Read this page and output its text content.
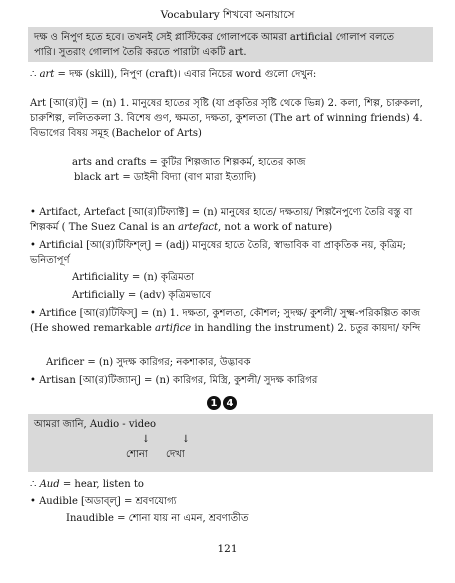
Vocabulary শিখবো অনায়াসে
দক্ষ ও নিপুণ হতে হবে। তখনই সেই প্লাস্টিকের গোলাপকে আমরা artificial গোলাপ বলতে
পারি। সুতরাং গোলাপ তৈরি করতে পারাটা একটি art.
∴ art = দক্ষ (skill), নিপুণ (craft)। এবার নিচের word গুলো দেখুন:
Art [আ(র)ট্] = (n) 1. মানুষের হাতের সৃষ্টি (যা প্রকৃতির সৃষ্টি থেকে ভিন্ন) 2. কলা, শিল্প, চারুকলা, চারুশিল্প, ললিতকলা 3. বিশেষ গুণ, ক্ষমতা, দক্ষতা, কুশলতা (The art of winning friends) 4. বিভাগের বিষয় সমূহ (Bachelor of Arts)
arts and crafts = কুটির শিল্পজাত শিল্পকর্ম, হাতের কাজ
black art = ডাইনী বিদ্যা (বাণ মারা ইত্যাদি)
• Artifact, Artefact [আ(র)টিফ্যাক্ট] = (n) মানুষের হাতে/ দক্ষতায়/ শিল্পনৈপুণ্যে তৈরি বস্তু বা শিল্পকর্ম ( The Suez Canal is an artefact, not a work of nature)
• Artificial [আ(র)টিফিশ্ল্] = (adj) মানুষের হাতে তৈরি, স্বাভাবিক বা প্রাকৃতিক নয়, কৃত্রিম; ভনিতাপূর্ণ
Artificiality = (n) কৃত্রিমতা
Artificially = (adv) কৃত্রিমভাবে
• Artifice [আ(র)টিফিস্] = (n) 1. দক্ষতা, কুশলতা, কৌশল; সুদক্ষ/ কুশলী/ সুক্ষ্ম-পরিকল্পিত কাজ (He showed remarkable artifice in handling the instrument) 2. চতুর কায়দা/ ফন্দি
Arificer = (n) সুদক্ষ কারিগর; নকশাকার, উদ্ভাবক
• Artisan [আ(র)টিজ্যান্] = (n) কারিগর, মিস্ত্রি, কুশলী/ সুদক্ষ কারিগর
1 4
আমরা জানি, Audio - video
↓	↓
শোনা	দেখা
∴ Aud = hear, listen to
• Audible [অডাব্ল্] = শ্রবণযোগ্য
Inaudible = শোনা যায় না এমন, শ্রবণাতীত
121
